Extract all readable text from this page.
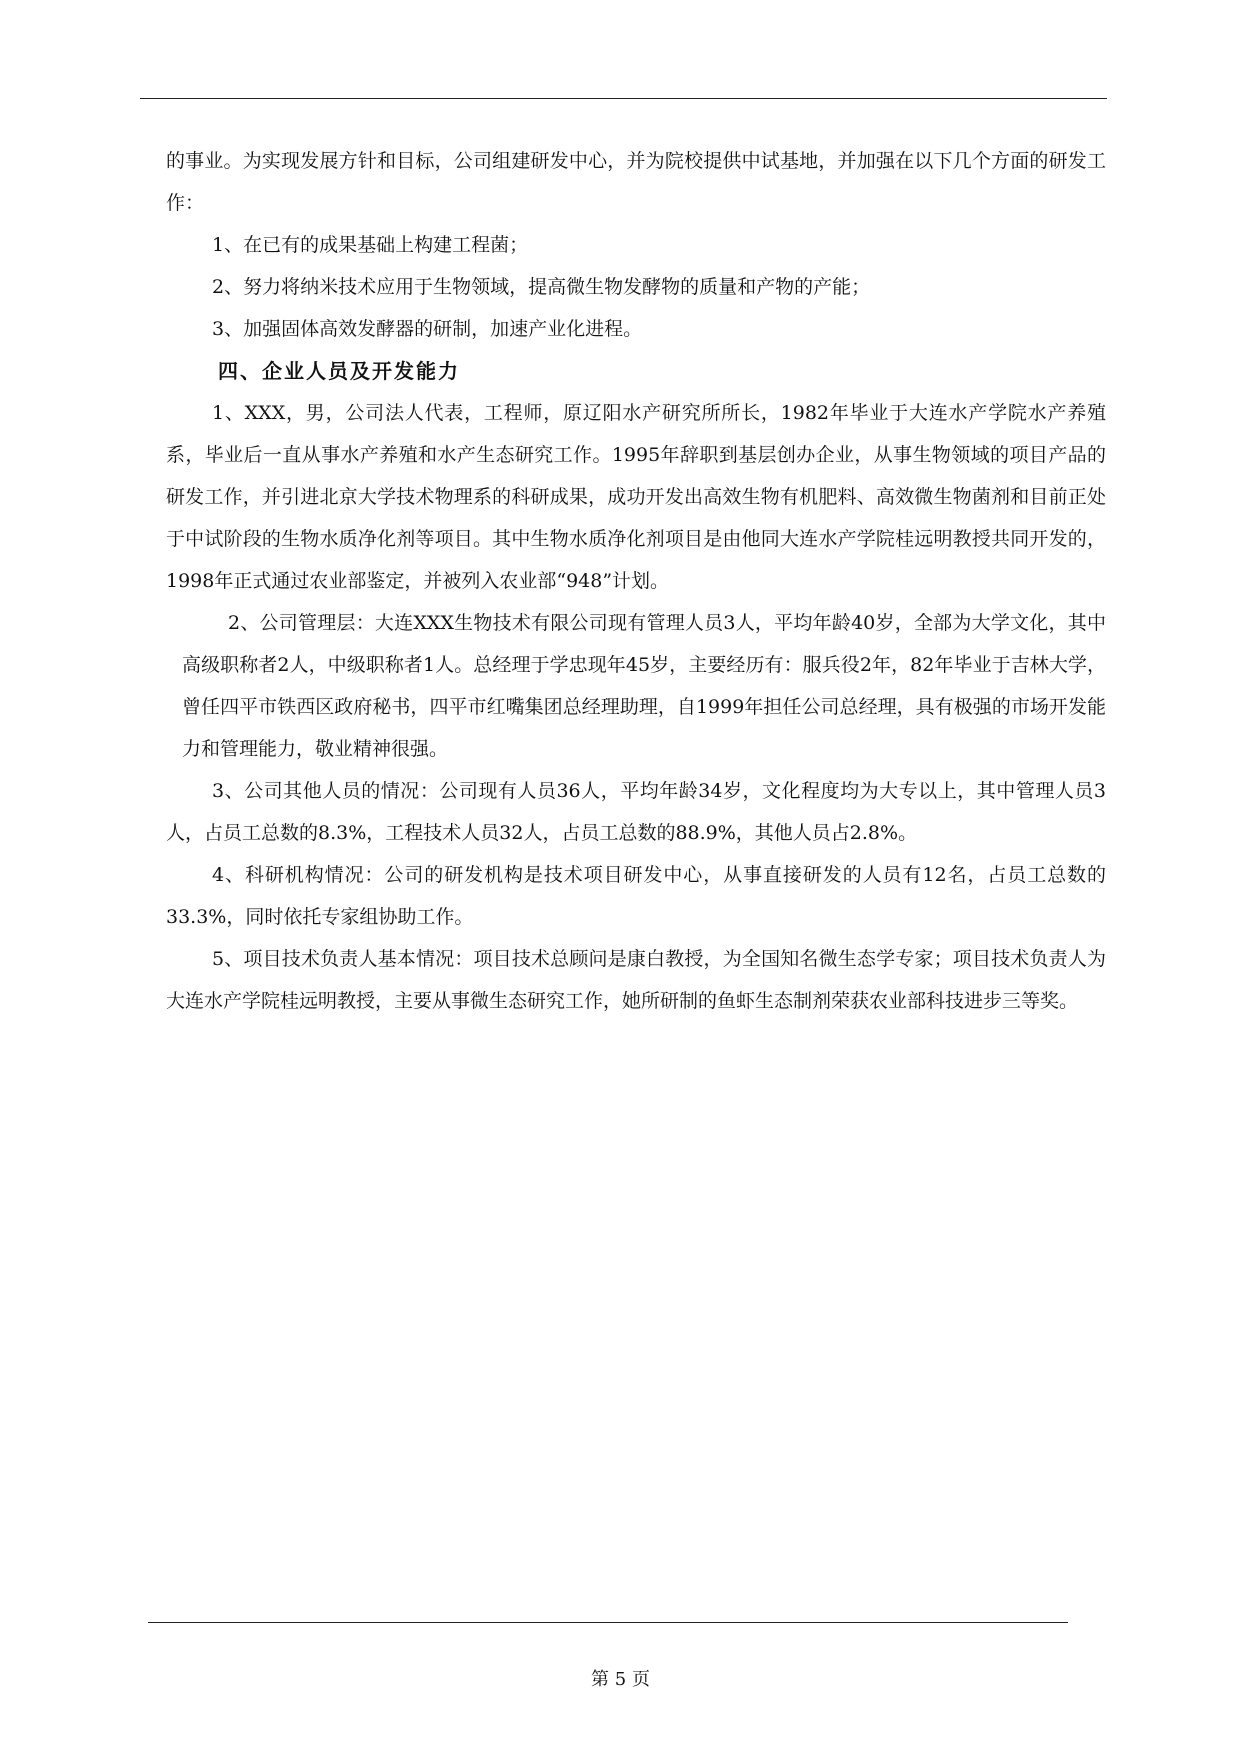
的事业。为实现发展方针和目标，公司组建研发中心，并为院校提供中试基地，并加强在以下几个方面的研发工作：

1、在已有的成果基础上构建工程菌；

2、努力将纳米技术应用于生物领域，提高微生物发酵物的质量和产物的产能；

3、加强固体高效发酵器的研制，加速产业化进程。

四、企业人员及开发能力

1、XXX，男，公司法人代表，工程师，原辽阳水产研究所所长，1982年毕业于大连水产学院水产养殖系，毕业后一直从事水产养殖和水产生态研究工作。1995年辞职到基层创办企业，从事生物领域的项目产品的研发工作，并引进北京大学技术物理系的科研成果，成功开发出高效生物有机肥料、高效微生物菌剂和目前正处于中试阶段的生物水质净化剂等项目。其中生物水质净化剂项目是由他同大连水产学院桂远明教授共同开发的，1998年正式通过农业部鉴定，并被列入农业部“948”计划。

2、公司管理层：大连XXX生物技术有限公司现有管理人员3人，平均年龄40岁，全部为大学文化，其中高级职称者2人，中级职称者1人。总经理于学忠现年45岁，主要经历有：服兵役2年，82年毕业于吉林大学，曾任四平市铁西区政府秘书，四平市红嘴集团总经理助理，自1999年担任公司总经理，具有极强的市场开发能力和管理能力，敬业精神很强。

3、公司其他人员的情况：公司现有人员36人，平均年龄34岁，文化程度均为大专以上，其中管理人员3人，占员工总数的8.3%，工程技术人员32人，占员工总数的88.9%，其他人员占2.8%。

4、科研机构情况：公司的研发机构是技术项目研发中心，从事直接研发的人员有12名，占员工总数的33.3%，同时依托专家组协助工作。

5、项目技术负责人基本情况：项目技术总顾问是康白教授，为全国知名微生态学专家；项目技术负责人为大连水产学院桂远明教授，主要从事微生态研究工作，她所研制的鱼虾生态制剂荣获农业部科技进步三等奖。

第 5 页
